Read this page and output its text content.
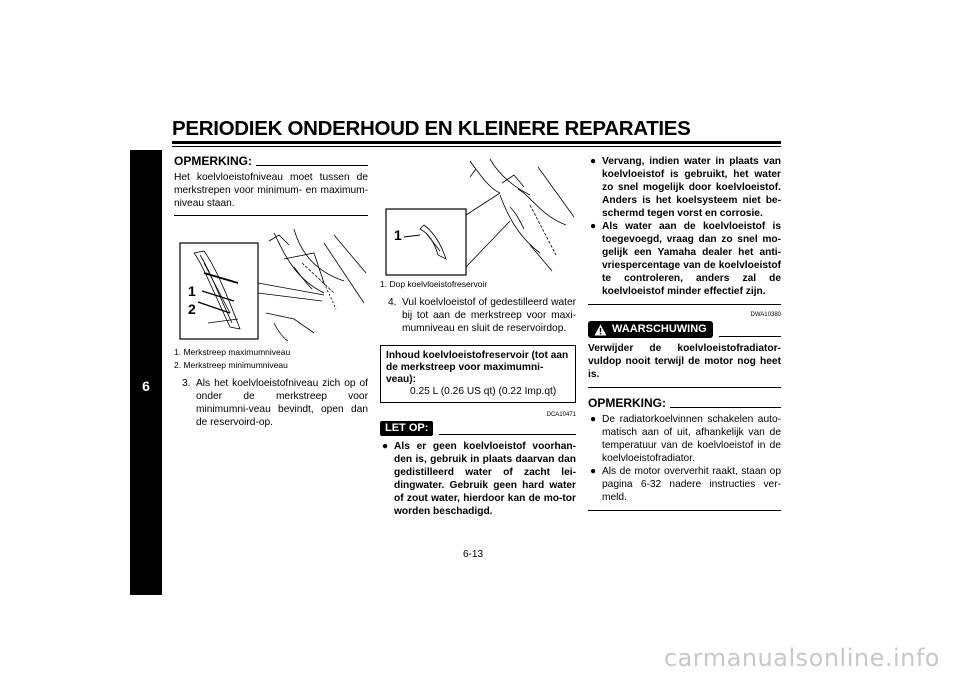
PERIODIEK ONDERHOUD EN KLEINERE REPARATIES
6
OPMERKING:
Het koelvloeistofniveau moet tussen de merkstrepen voor minimum- en maximum-niveau staan.
1
2
1. Merkstreep maximumniveau
2. Merkstreep minimumniveau
3. Als het koelvloeistofniveau zich op of onder de merkstreep voor minimumni-veau bevindt, open dan de reservoird-op.
1
1. Dop koelvloeistofreservoir
4. Vul koelvloeistof of gedestilleerd water bij tot aan de merkstreep voor maxi-mumniveau en sluit de reservoirdop.
Inhoud koelvloeistofreservoir (tot aan de merkstreep voor maximumni-veau):
0.25 L (0.26 US qt) (0.22 Imp.qt)
DCA10471
LET OP:
● Als er geen koelvloeistof voorhan-den is, gebruik in plaats daarvan dan gedistilleerd water of zacht lei-dingwater. Gebruik geen hard water of zout water, hierdoor kan de mo-tor worden beschadigd.
● Vervang, indien water in plaats van koelvloeistof is gebruikt, het water zo snel mogelijk door koelvloeistof. Anders is het koelsysteem niet be-schermd tegen vorst en corrosie.
● Als water aan de koelvloeistof is toegevoegd, vraag dan zo snel mo-gelijk een Yamaha dealer het anti-vriespercentage van de koelvloeistof te controleren, anders zal de koelvloeistof minder effectief zijn.
DWA10380
WAARSCHUWING
Verwijder de koelvloeistofradiator-vuldop nooit terwijl de motor nog heet is.
OPMERKING:
● De radiatorkoelvinnen schakelen auto-matisch aan of uit, afhankelijk van de temperatuur van de koelvloeistof in de koelvloeistofradiator.
● Als de motor oververhit raakt, staan op pagina 6-32 nadere instructies ver-meld.
6-13
carmanualsonline.info
